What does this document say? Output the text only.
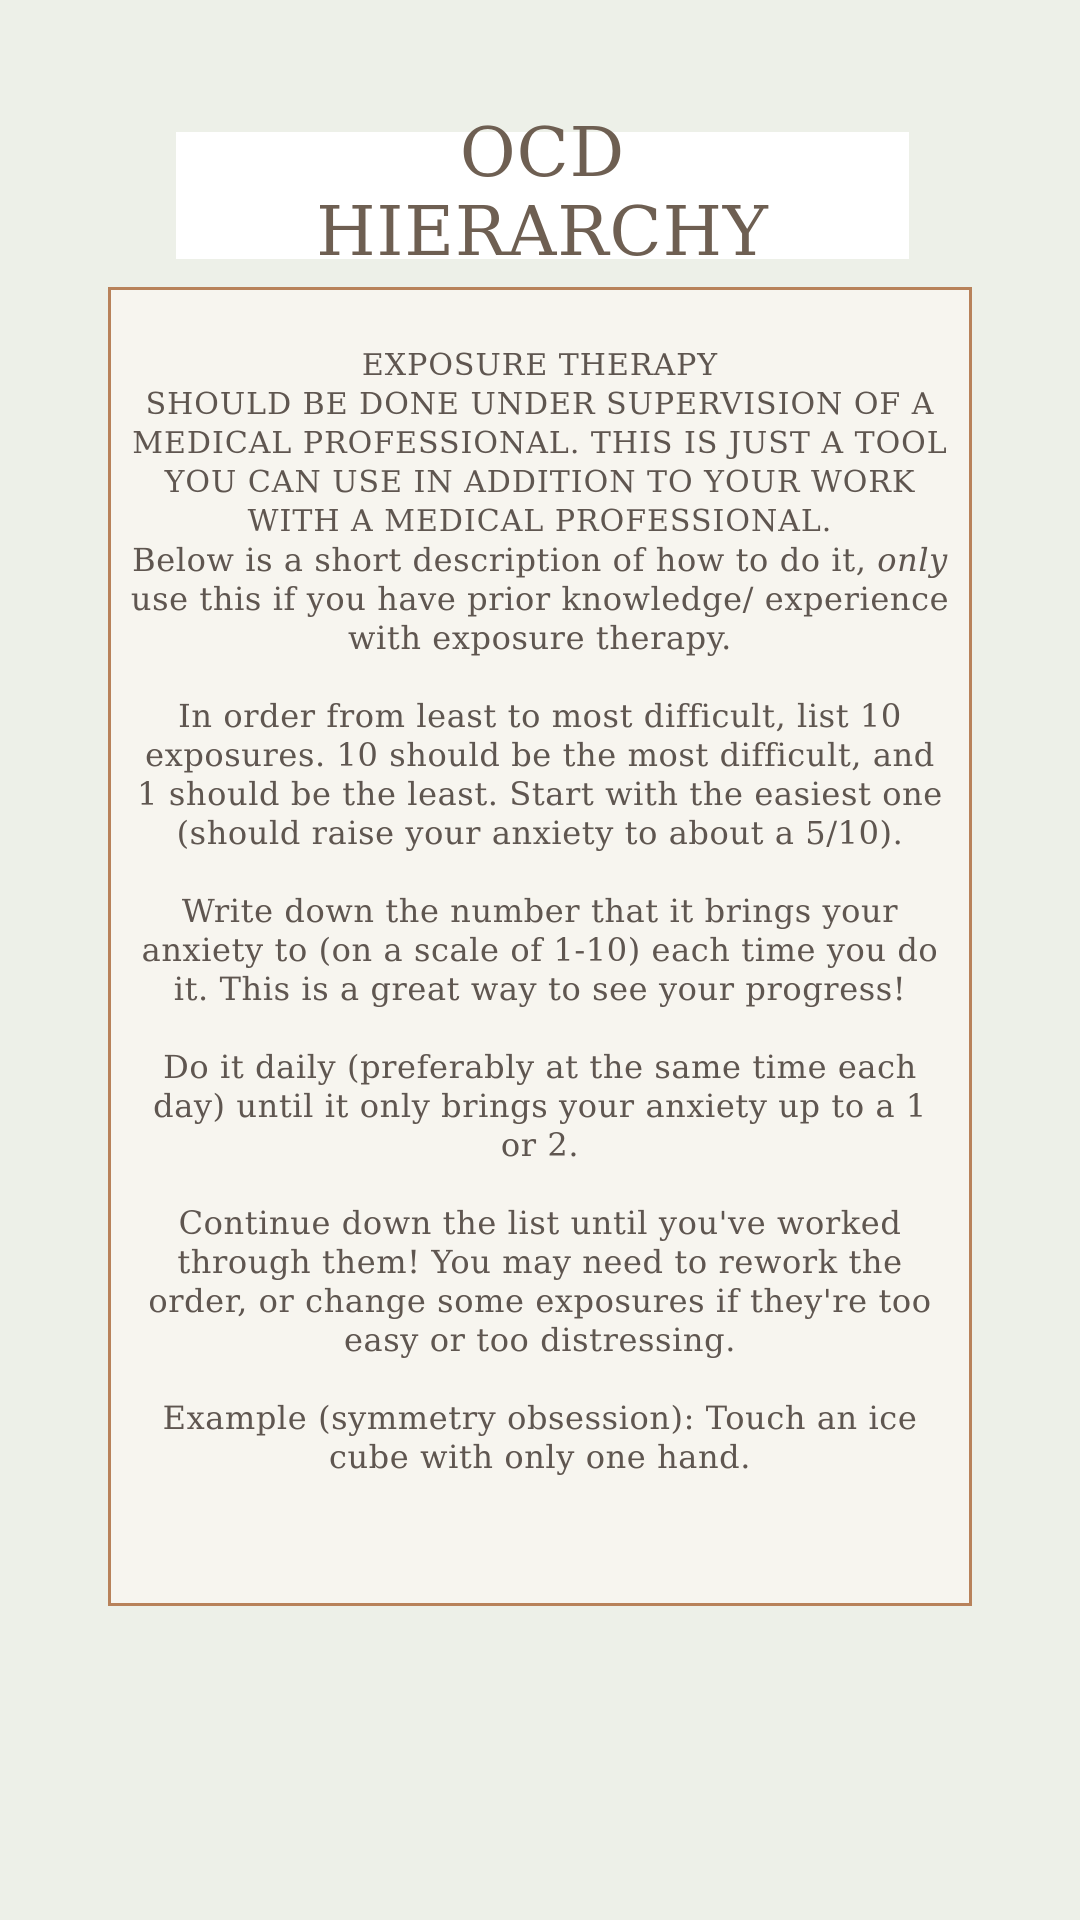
OCD
HIERARCHY

EXPOSURE THERAPY
SHOULD BE DONE UNDER SUPERVISION OF A MEDICAL PROFESSIONAL. THIS IS JUST A TOOL YOU CAN USE IN ADDITION TO YOUR WORK WITH A MEDICAL PROFESSIONAL.
Below is a short description of how to do it, only use this if you have prior knowledge/ experience with exposure therapy.

In order from least to most difficult, list 10 exposures. 10 should be the most difficult, and 1 should be the least. Start with the easiest one (should raise your anxiety to about a 5/10).

Write down the number that it brings your anxiety to (on a scale of 1-10) each time you do it. This is a great way to see your progress!

Do it daily (preferably at the same time each day) until it only brings your anxiety up to a 1 or 2.

Continue down the list until you've worked through them! You may need to rework the order, or change some exposures if they're too easy or too distressing.

Example (symmetry obsession): Touch an ice cube with only one hand.
